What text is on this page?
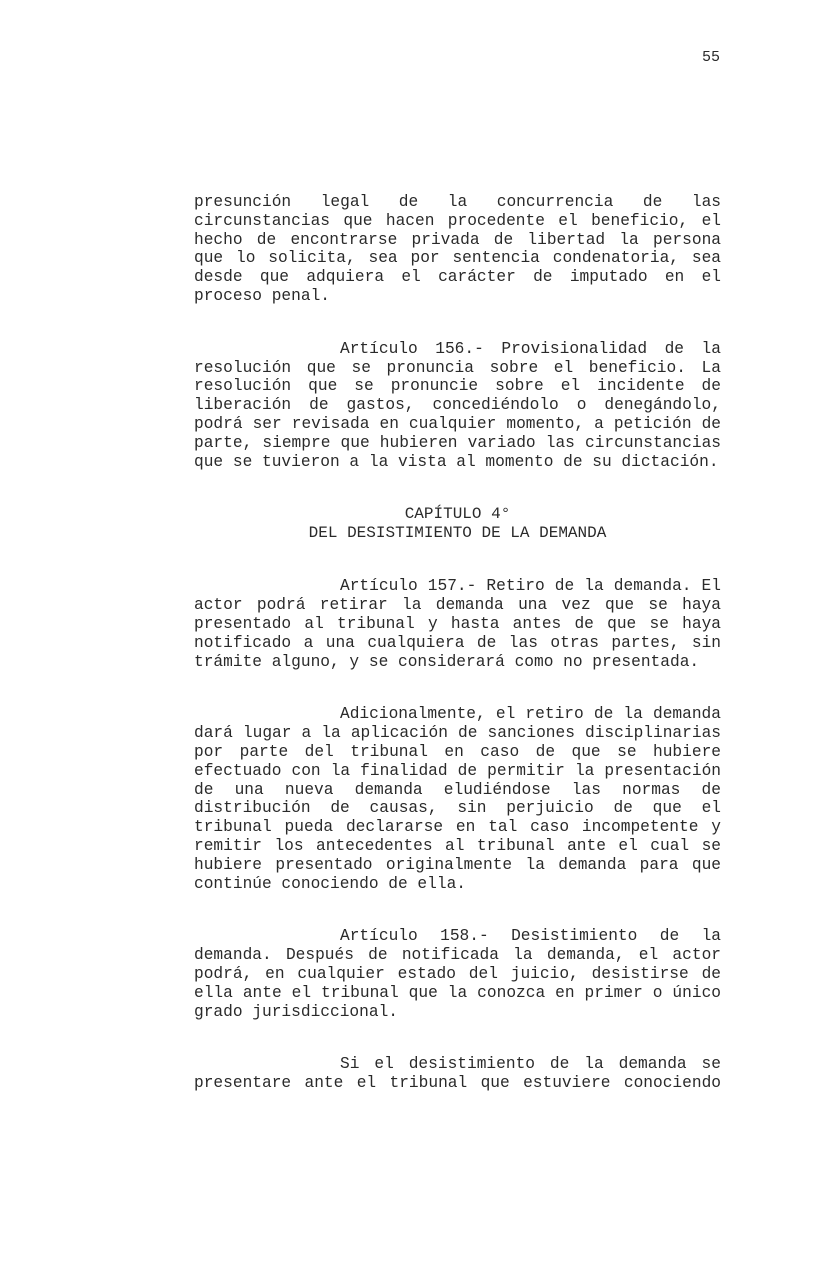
55

presunción legal de la concurrencia de las circunstancias que hacen procedente el beneficio, el hecho de encontrarse privada de libertad la persona que lo solicita, sea por sentencia condenatoria, sea desde que adquiera el carácter de imputado en el proceso penal.

Artículo 156.- Provisionalidad de la resolución que se pronuncia sobre el beneficio. La resolución que se pronuncie sobre el incidente de liberación de gastos, concediéndolo o denegándolo, podrá ser revisada en cualquier momento, a petición de parte, siempre que hubieren variado las circunstancias que se tuvieron a la vista al momento de su dictación.

CAPÍTULO 4°
DEL DESISTIMIENTO DE LA DEMANDA

Artículo 157.- Retiro de la demanda. El actor podrá retirar la demanda una vez que se haya presentado al tribunal y hasta antes de que se haya notificado a una cualquiera de las otras partes, sin trámite alguno, y se considerará como no presentada.

Adicionalmente, el retiro de la demanda dará lugar a la aplicación de sanciones disciplinarias por parte del tribunal en caso de que se hubiere efectuado con la finalidad de permitir la presentación de una nueva demanda eludiéndose las normas de distribución de causas, sin perjuicio de que el tribunal pueda declararse en tal caso incompetente y remitir los antecedentes al tribunal ante el cual se hubiere presentado originalmente la demanda para que continúe conociendo de ella.

Artículo 158.- Desistimiento de la demanda. Después de notificada la demanda, el actor podrá, en cualquier estado del juicio, desistirse de ella ante el tribunal que la conozca en primer o único grado jurisdiccional.

Si el desistimiento de la demanda se presentare ante el tribunal que estuviere conociendo
